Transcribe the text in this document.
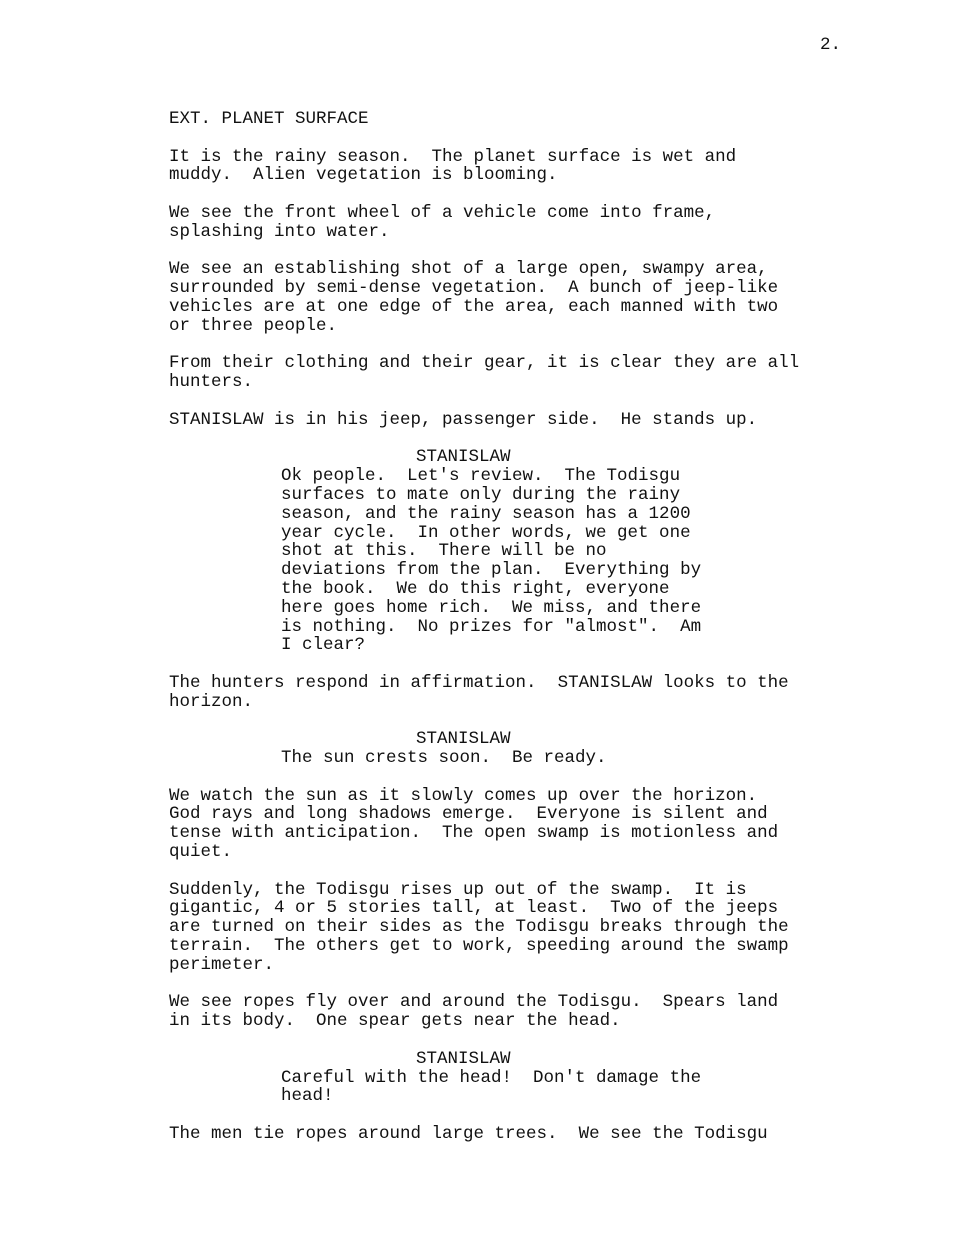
2.
EXT. PLANET SURFACE
It is the rainy season.  The planet surface is wet and
muddy.  Alien vegetation is blooming.
We see the front wheel of a vehicle come into frame,
splashing into water.
We see an establishing shot of a large open, swampy area,
surrounded by semi-dense vegetation.  A bunch of jeep-like
vehicles are at one edge of the area, each manned with two
or three people.
From their clothing and their gear, it is clear they are all
hunters.
STANISLAW is in his jeep, passenger side.  He stands up.
STANISLAW
Ok people.  Let's review.  The Todisgu
surfaces to mate only during the rainy
season, and the rainy season has a 1200
year cycle.  In other words, we get one
shot at this.  There will be no
deviations from the plan.  Everything by
the book.  We do this right, everyone
here goes home rich.  We miss, and there
is nothing.  No prizes for "almost".  Am
I clear?
The hunters respond in affirmation.  STANISLAW looks to the
horizon.
STANISLAW
The sun crests soon.  Be ready.
We watch the sun as it slowly comes up over the horizon.
God rays and long shadows emerge.  Everyone is silent and
tense with anticipation.  The open swamp is motionless and
quiet.
Suddenly, the Todisgu rises up out of the swamp.  It is
gigantic, 4 or 5 stories tall, at least.  Two of the jeeps
are turned on their sides as the Todisgu breaks through the
terrain.  The others get to work, speeding around the swamp
perimeter.
We see ropes fly over and around the Todisgu.  Spears land
in its body.  One spear gets near the head.
STANISLAW
Careful with the head!  Don't damage the
head!
The men tie ropes around large trees.  We see the Todisgu
